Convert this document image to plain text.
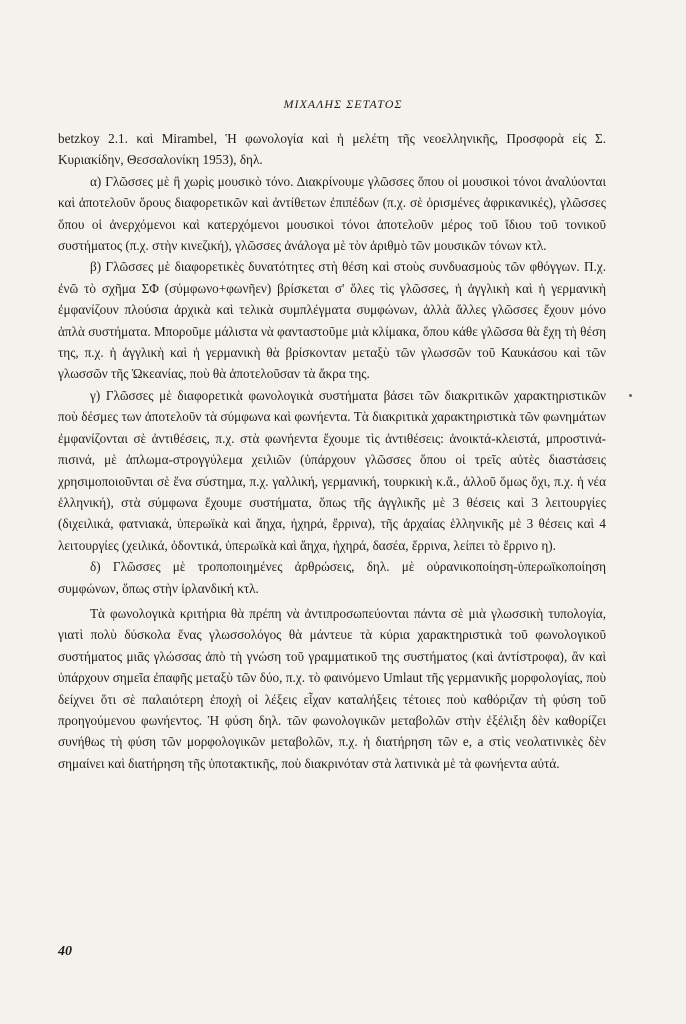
ΜΙΧΑΛΗΣ ΣΕΤΑΤΟΣ

betzkoy 2.1. καὶ Mirambel, Ἡ φωνολογία καὶ ἡ μελέτη τῆς νεοελληνικῆς, Προσφορὰ εἰς Σ. Κυριακίδην, Θεσσαλονίκη 1953), δηλ.

α) Γλῶσσες μὲ ἢ χωρὶς μουσικὸ τόνο. Διακρίνουμε γλῶσσες ὅπου οἱ μουσικοὶ τόνοι ἀναλύονται καὶ ἀποτελοῦν ὅρους διαφορετικῶν καὶ ἀντίθετων ἐπιπέδων (π.χ. σὲ ὁρισμένες ἀφρικανικές), γλῶσσες ὅπου οἱ ἀνερχόμενοι καὶ κατερχόμενοι μουσικοὶ τόνοι ἀποτελοῦν μέρος τοῦ ἴδιου τοῦ τονικοῦ συστήματος (π.χ. στὴν κινεζική), γλῶσσες ἀνάλογα μὲ τὸν ἀριθμὸ τῶν μουσικῶν τόνων κτλ.

β) Γλῶσσες μὲ διαφορετικὲς δυνατότητες στὴ θέση καὶ στοὺς συνδυασμοὺς τῶν φθόγγων. Π.χ. ἐνῶ τὸ σχῆμα ΣΦ (σύμφωνο+φωνῆεν) βρίσκεται σ' ὅλες τὶς γλῶσσες, ἡ ἀγγλικὴ καὶ ἡ γερμανικὴ ἐμφανίζουν πλούσια ἀρχικὰ καὶ τελικὰ συμπλέγματα συμφώνων, ἀλλὰ ἄλλες γλῶσσες ἔχουν μόνο ἁπλὰ συστήματα. Μποροῦμε μάλιστα νὰ φανταστοῦμε μιὰ κλίμακα, ὅπου κάθε γλῶσσα θὰ ἔχη τὴ θέση της, π.χ. ἡ ἀγγλικὴ καὶ ἡ γερμανικὴ θὰ βρίσκονταν μεταξὺ τῶν γλωσσῶν τοῦ Καυκάσου καὶ τῶν γλωσσῶν τῆς Ὠκεανίας, ποὺ θὰ ἀποτελοῦσαν τὰ ἄκρα της.

γ) Γλῶσσες μὲ διαφορετικὰ φωνολογικὰ συστήματα βάσει τῶν διακριτικῶν χαρακτηριστικῶν ποὺ δέσμες των ἀποτελοῦν τὰ σύμφωνα καὶ φωνήεντα. Τὰ διακριτικὰ χαρακτηριστικὰ τῶν φωνημάτων ἐμφανίζονται σὲ ἀντιθέσεις, π.χ. στὰ φωνήεντα ἔχουμε τὶς ἀντιθέσεις: ἀνοικτά-κλειστά, μπροστινά-πισινά, μὲ ἀπλωμα-στρογγύλεμα χειλιῶν (ὑπάρχουν γλῶσσες ὅπου οἱ τρεῖς αὐτὲς διαστάσεις χρησιμοποιοῦνται σὲ ἕνα σύστημα, π.χ. γαλλική, γερμανική, τουρκικὴ κ.ἄ., ἀλλοῦ ὅμως ὄχι, π.χ. ἡ νέα ἑλληνική), στὰ σύμφωνα ἔχουμε συστήματα, ὅπως τῆς ἀγγλικῆς μὲ 3 θέσεις καὶ 3 λειτουργίες (διχειλικά, φατνιακά, ὑπερωϊκὰ καὶ ἄηχα, ἠχηρά, ἔρρινα), τῆς ἀρχαίας ἑλληνικῆς μὲ 3 θέσεις καὶ 4 λειτουργίες (χειλικά, ὀδοντικά, ὑπερωϊκὰ καὶ ἄηχα, ἠχηρά, δασέα, ἔρρινα, λείπει τὸ ἔρρινο η).

δ) Γλῶσσες μὲ τροποποιημένες ἀρθρώσεις, δηλ. μὲ οὐρανικοποίηση-ὑπερωϊκοποίηση συμφώνων, ὅπως στὴν ἰρλανδική κτλ.

Τὰ φωνολογικὰ κριτήρια θὰ πρέπη νὰ ἀντιπροσωπεύονται πάντα σὲ μιὰ γλωσσικὴ τυπολογία, γιατὶ πολὺ δύσκολα ἕνας γλωσσολόγος θὰ μάντευε τὰ κύρια χαρακτηριστικὰ τοῦ φωνολογικοῦ συστήματος μιᾶς γλώσσας ἀπὸ τὴ γνώση τοῦ γραμματικοῦ της συστήματος (καὶ ἀντίστροφα), ἂν καὶ ὑπάρχουν σημεῖα ἐπαφῆς μεταξὺ τῶν δύο, π.χ. τὸ φαινόμενο Umlaut τῆς γερμανικῆς μορφολογίας, ποὺ δείχνει ὅτι σὲ παλαιότερη ἐποχὴ οἱ λέξεις εἶχαν καταλήξεις τέτοιες ποὺ καθόριζαν τὴ φύση τοῦ προηγούμενου φωνήεντος. Ἡ φύση δηλ. τῶν φωνολογικῶν μεταβολῶν στὴν ἐξέλιξη δὲν καθορίζει συνήθως τὴ φύση τῶν μορφολογικῶν μεταβολῶν, π.χ. ἡ διατήρηση τῶν e, a στὶς νεολατινικὲς δὲν σημαίνει καὶ διατήρηση τῆς ὑποτακτικῆς, ποὺ διακρινόταν στὰ λατινικὰ μὲ τὰ φωνήεντα αὐτά.

40
